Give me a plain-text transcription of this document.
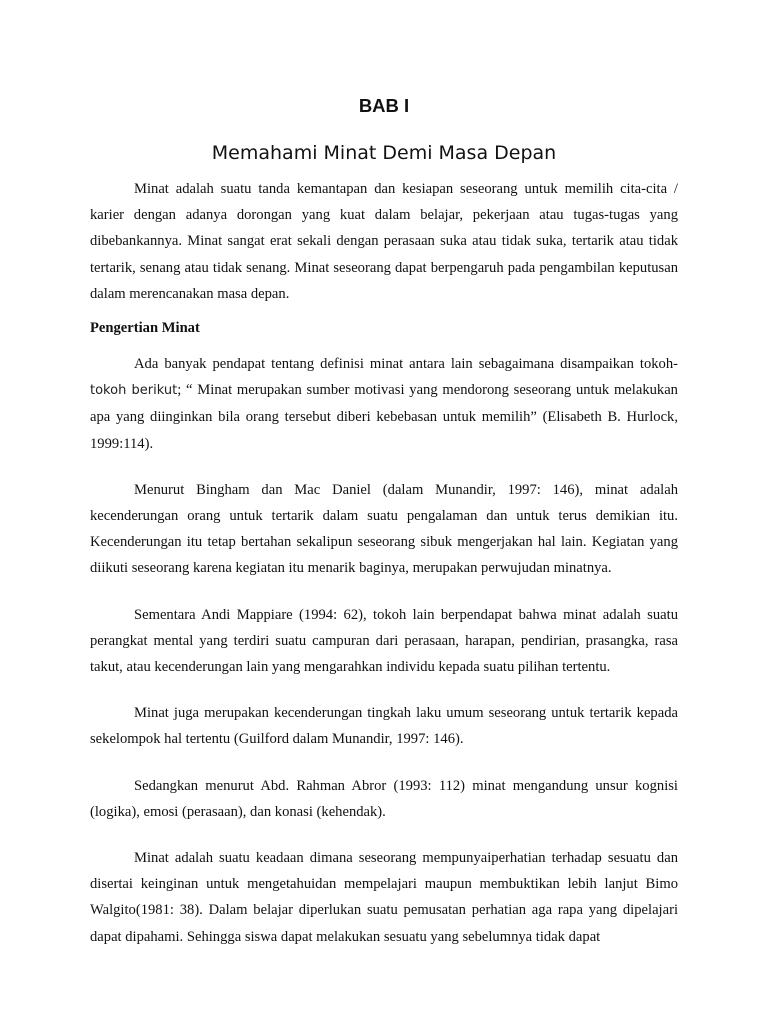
BAB I
Memahami Minat Demi Masa Depan

Minat adalah suatu tanda kemantapan dan kesiapan seseorang untuk memilih cita-cita / karier dengan adanya dorongan yang kuat dalam belajar, pekerjaan atau tugas-tugas yang dibebankannya. Minat sangat erat sekali dengan perasaan suka atau tidak suka, tertarik atau tidak tertarik, senang atau tidak senang. Minat seseorang dapat berpengaruh pada pengambilan keputusan dalam merencanakan masa depan.

Pengertian Minat

Ada banyak pendapat tentang definisi minat antara lain sebagaimana disampaikan tokoh- tokoh berikut; “ Minat merupakan sumber motivasi yang mendorong seseorang untuk melakukan apa yang diinginkan bila orang tersebut diberi kebebasan untuk memilih” (Elisabeth B. Hurlock, 1999:114).

Menurut Bingham dan Mac Daniel (dalam Munandir, 1997: 146), minat adalah kecenderungan orang untuk tertarik dalam suatu pengalaman dan untuk terus demikian itu. Kecenderungan itu tetap bertahan sekalipun seseorang sibuk mengerjakan hal lain. Kegiatan yang diikuti seseorang karena kegiatan itu menarik baginya, merupakan perwujudan minatnya.

Sementara Andi Mappiare (1994: 62), tokoh lain berpendapat bahwa minat adalah suatu perangkat mental yang terdiri suatu campuran dari perasaan, harapan, pendirian, prasangka, rasa takut, atau kecenderungan lain yang mengarahkan individu kepada suatu pilihan tertentu.

Minat juga merupakan kecenderungan tingkah laku umum seseorang untuk tertarik kepada sekelompok hal tertentu (Guilford dalam Munandir, 1997: 146).

Sedangkan menurut Abd. Rahman Abror (1993: 112) minat mengandung unsur kognisi (logika), emosi (perasaan), dan konasi (kehendak).

Minat adalah suatu keadaan dimana seseorang mempunyaiperhatian terhadap sesuatu dan disertai keinginan untuk mengetahuidan mempelajari maupun membuktikan lebih lanjut Bimo Walgito(1981: 38). Dalam belajar diperlukan suatu pemusatan perhatian aga rapa yang dipelajari dapat dipahami. Sehingga siswa dapat melakukan sesuatu yang sebelumnya tidak dapat
